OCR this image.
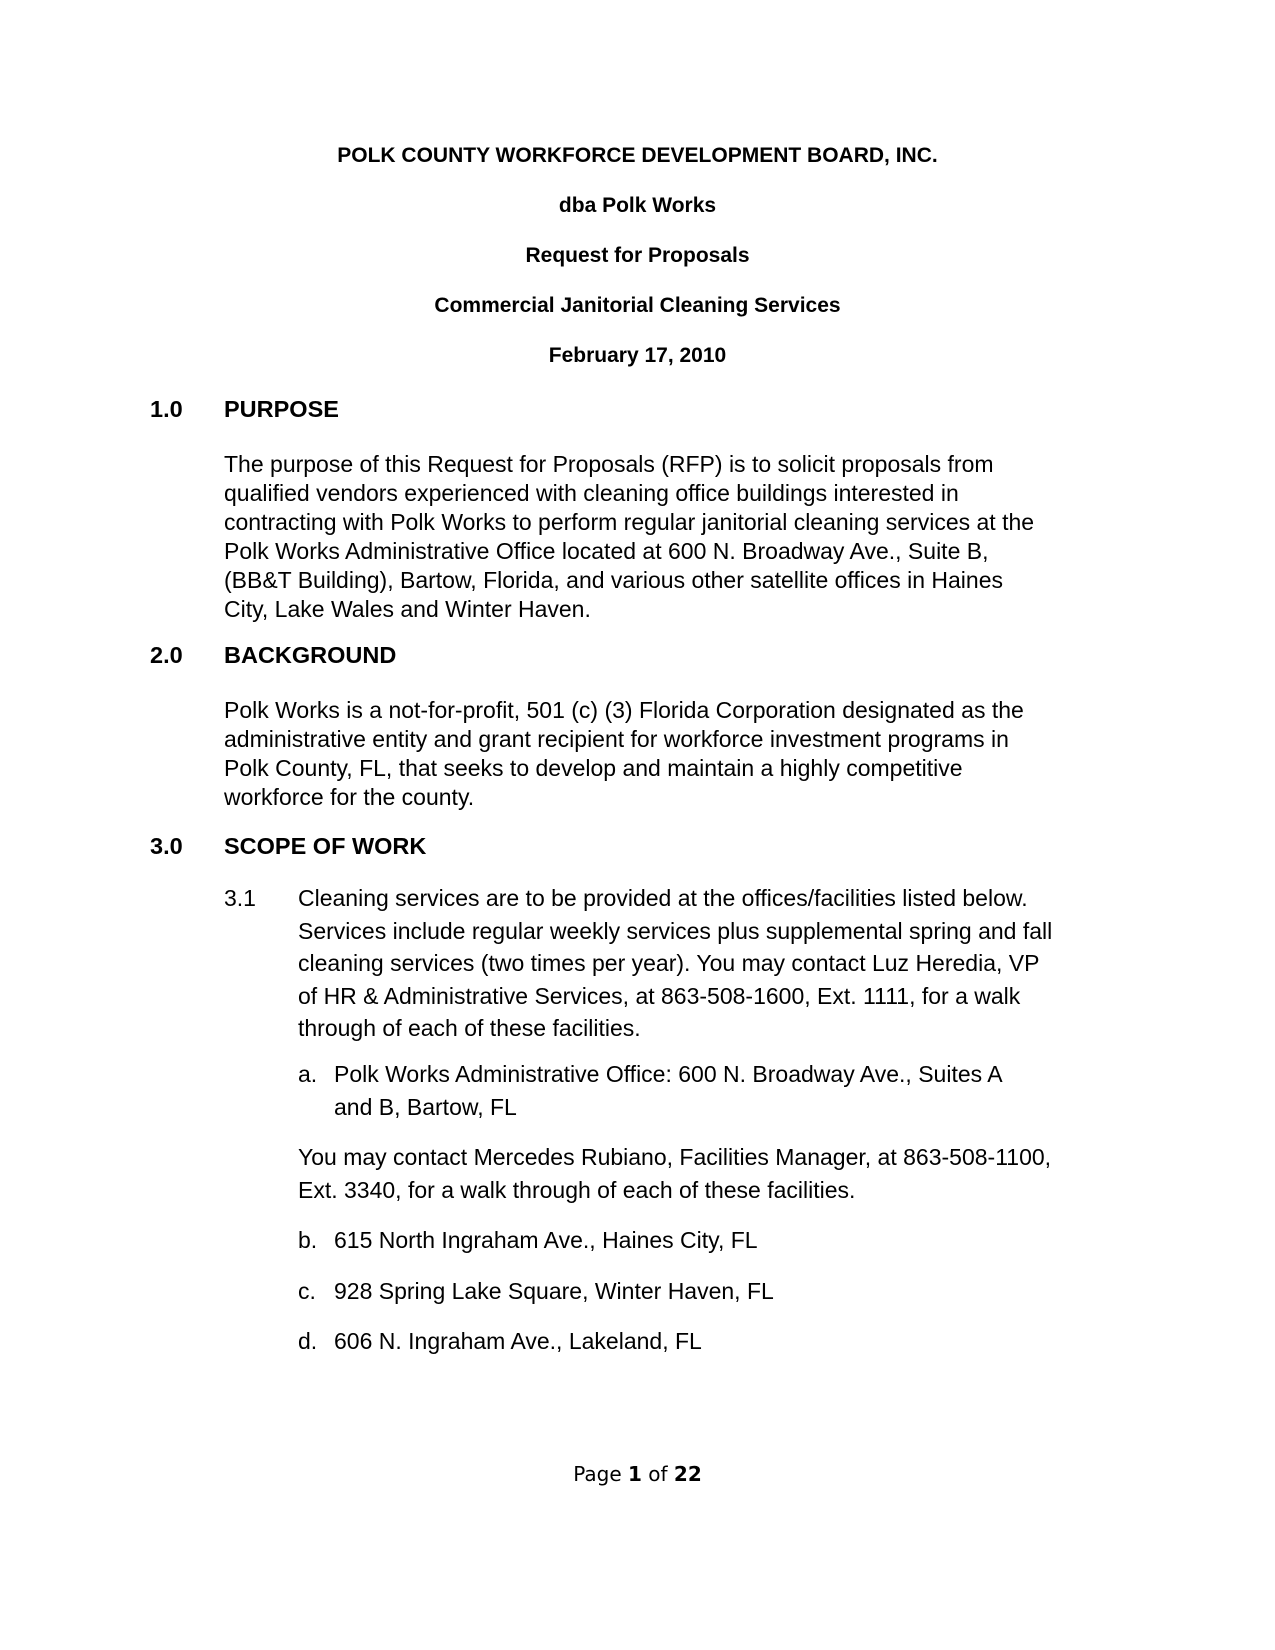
POLK COUNTY WORKFORCE DEVELOPMENT BOARD, INC.
dba Polk Works
Request for Proposals
Commercial Janitorial Cleaning Services
February 17, 2010
1.0 PURPOSE
The purpose of this Request for Proposals (RFP) is to solicit proposals from
qualified vendors experienced with cleaning office buildings interested in
contracting with Polk Works to perform regular janitorial cleaning services at the
Polk Works Administrative Office located at 600 N. Broadway Ave., Suite B,
(BB&T Building), Bartow, Florida, and various other satellite offices in Haines
City, Lake Wales and Winter Haven.
2.0 BACKGROUND
Polk Works is a not-for-profit, 501 (c) (3) Florida Corporation designated as the
administrative entity and grant recipient for workforce investment programs in
Polk County, FL, that seeks to develop and maintain a highly competitive
workforce for the county.
3.0 SCOPE OF WORK
3.1 Cleaning services are to be provided at the offices/facilities listed below.
Services include regular weekly services plus supplemental spring and fall
cleaning services (two times per year). You may contact Luz Heredia, VP
of HR & Administrative Services, at 863-508-1600, Ext. 1111, for a walk
through of each of these facilities.
a. Polk Works Administrative Office: 600 N. Broadway Ave., Suites A
and B, Bartow, FL
You may contact Mercedes Rubiano, Facilities Manager, at 863-508-1100,
Ext. 3340, for a walk through of each of these facilities.
b. 615 North Ingraham Ave., Haines City, FL
c. 928 Spring Lake Square, Winter Haven, FL
d. 606 N. Ingraham Ave., Lakeland, FL
Page 1 of 22
